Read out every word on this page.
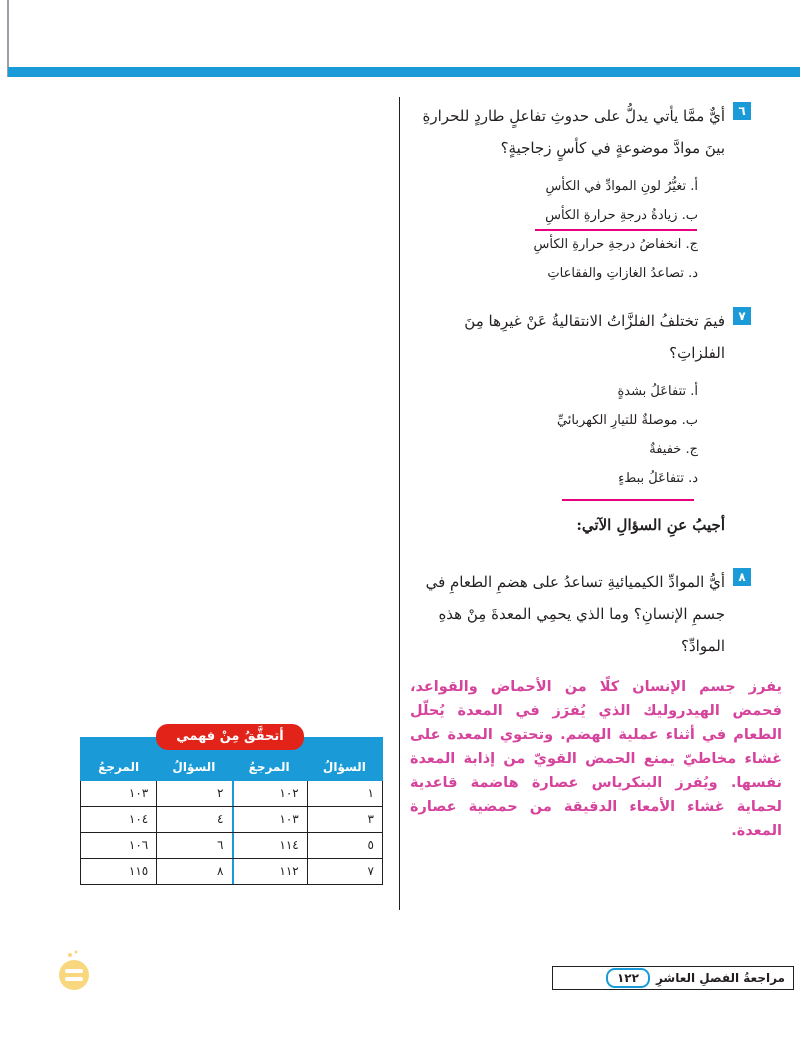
٦
أيٌّ ممَّا يأتي يدلُّ على حدوثِ تفاعلٍ طاردٍ للحرارةِ بينَ موادَّ موضوعةٍ في كأسٍ زجاجيةٍ؟
أ. تغيُّرُ لونِ الموادِّ في الكأسِ
ب. زيادةُ درجةِ حرارةِ الكأسِ
ج. انخفاضُ درجةِ حرارةِ الكأسِ
د. تصاعدُ الغازاتِ والفقاعاتِ
٧
فيمَ تختلفُ الفلزَّاتُ الانتقاليةُ عَنْ غيرِها مِنَ الفلزاتِ؟
أ. تتفاعَلُ بشدةٍ
ب. موصلةٌ للتيارِ الكهربائيِّ
ج. خفيفةٌ
د. تتفاعَلُ ببطءٍ
أجيبُ عنِ السؤالِ الآتي:
٨
أيُّ الموادِّ الكيميائيةِ تساعدُ على هضمِ الطعامِ في جسمِ الإنسانِ؟ وما الذي يحمِي المعدةَ مِنْ هذهِ الموادِّ؟
يفرز جسم الإنسان كلًا من الأحماض والقواعد، فحمض الهيدروليك الذي يُفرَز في المعدة يُحلّل الطعام في أثناء عملية الهضم. وتحتوي المعدة على غشاء مخاطيّ يمنع الحمض القويّ من إذابة المعدة نفسها. ويُفرز البنكرياس عصارة هاضمة قاعدية لحماية غشاء الأمعاء الدقيقة من حمضية عصارة المعدة.
أتحقَّقُ مِنْ فهمي
السؤالُ
المرجعُ
السؤالُ
المرجعُ
١
١٠٢
٢
١٠٣
٣
١٠٣
٤
١٠٤
٥
١١٤
٦
١٠٦
٧
١١٢
٨
١١٥
مراجعةُ الفصلِ العاشرِ
١٢٢
